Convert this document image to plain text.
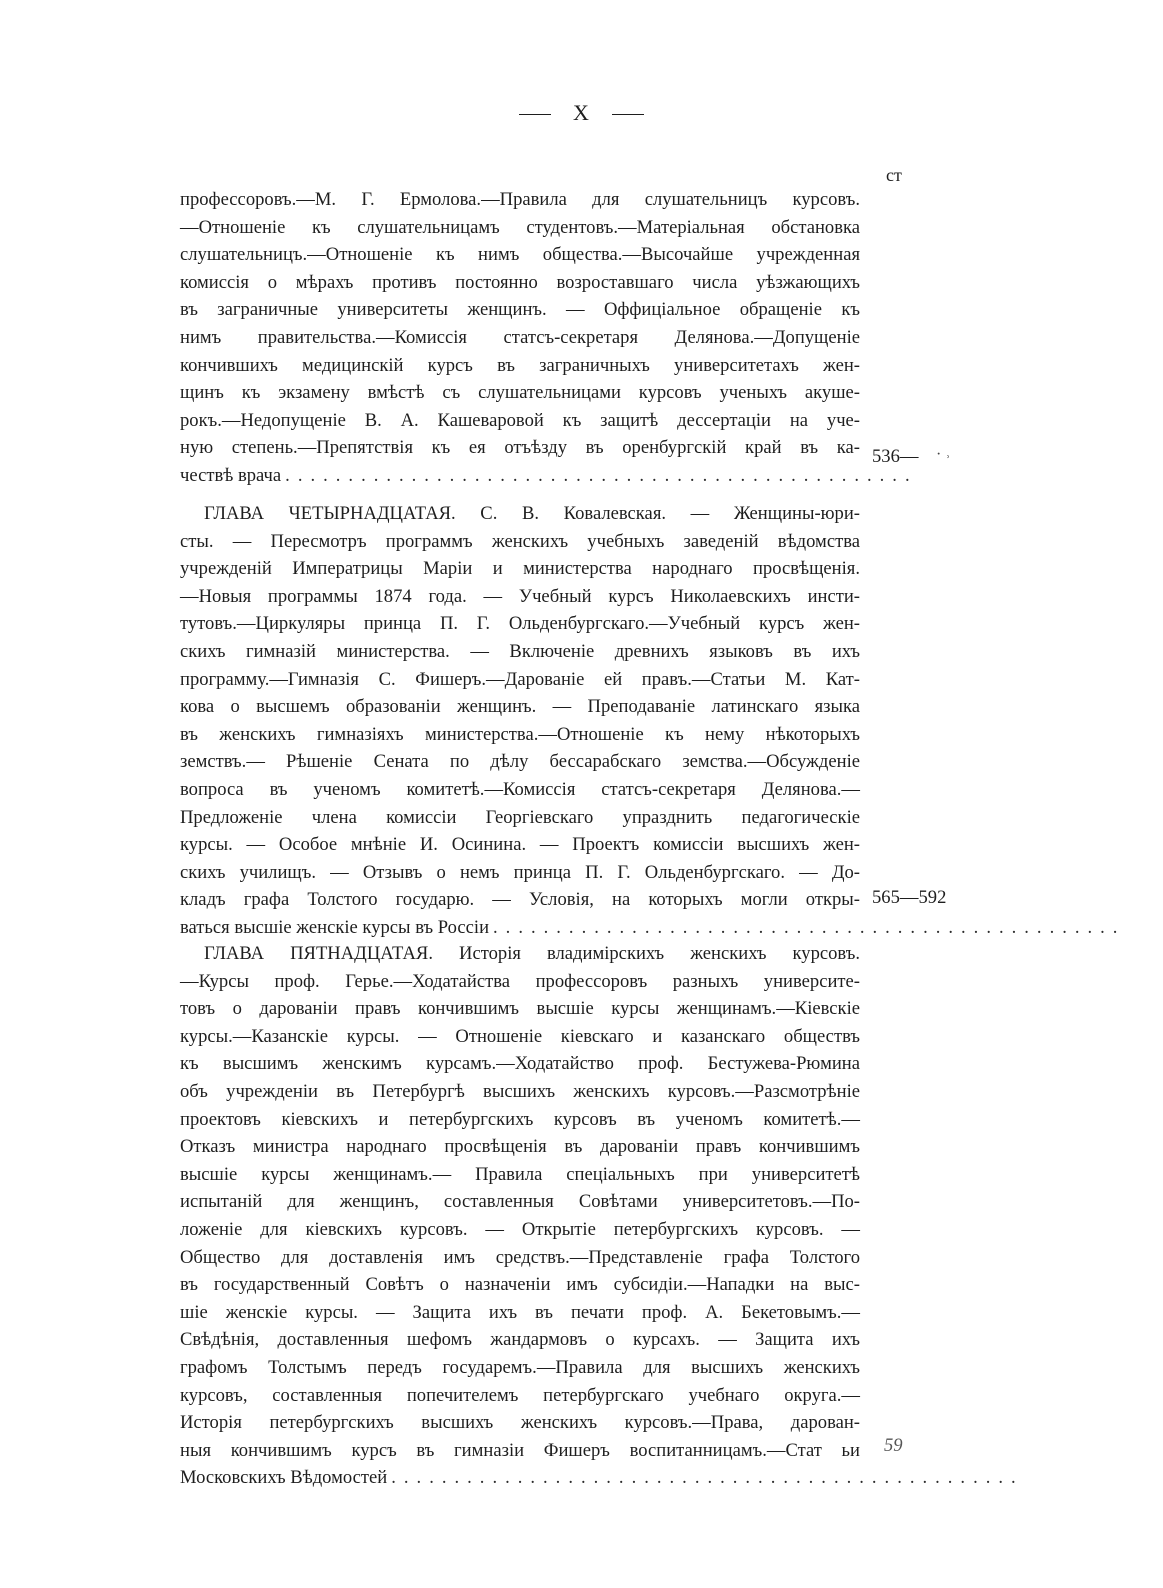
X
ст
профессоровъ.—М. Г. Ермолова.—Правила для слушательницъ курсовъ.
—Отношеніе къ слушательницамъ студентовъ.—Матеріальная обстановка
слушательницъ.—Отношеніе къ нимъ общества.—Высочайше учрежденная
комиссія о мѣрахъ противъ постоянно возроставшаго числа уѣзжающихъ
въ заграничные университеты женщинъ. — Оффиціальное обращеніе къ
нимъ правительства.—Комиссія статсъ-секретаря Делянова.—Допущеніе
кончившихъ медицинскій курсъ въ заграничныхъ университетахъ жен-
щинъ къ экзамену вмѣстѣ съ слушательницами курсовъ ученыхъ акуше-
рокъ.—Недопущеніе В. А. Кашеваровой къ защитѣ дессертаціи на уче-
ную степень.—Препятствія къ ея отъѣзду въ оренбургскій край въ ка-
чествѣ врача ..................................................
536— · ˒
ГЛАВА ЧЕТЫРНАДЦАТАЯ. С. В. Ковалевская. — Женщины-юри-
сты. — Пересмотръ программъ женскихъ учебныхъ заведеній вѣдомства
учрежденій Императрицы Маріи и министерства народнаго просвѣщенія.
—Новыя программы 1874 года. — Учебный курсъ Николаевскихъ инсти-
тутовъ.—Циркуляры принца П. Г. Ольденбургскаго.—Учебный курсъ жен-
скихъ гимназій министерства. — Включеніе древнихъ языковъ въ ихъ
программу.—Гимназія С. Фишеръ.—Дарованіе ей правъ.—Статьи М. Кат-
кова о высшемъ образованіи женщинъ. — Преподаваніе латинскаго языка
въ женскихъ гимназіяхъ министерства.—Отношеніе къ нему нѣкоторыхъ
земствъ.— Рѣшеніе Сената по дѣлу бессарабскаго земства.—Обсужденіе
вопроса въ ученомъ комитетѣ.—Комиссія статсъ-секретаря Делянова.—
Предложеніе члена комиссіи Георгіевскаго упразднить педагогическіе
курсы. — Особое мнѣніе И. Осинина. — Проектъ комиссіи высшихъ жен-
скихъ училищъ. — Отзывъ о немъ принца П. Г. Ольденбургскаго. — До-
кладъ графа Толстого государю. — Условія, на которыхъ могли откры-
ваться высшіе женскіе курсы въ Россіи ..................................................
565—592
ГЛАВА ПЯТНАДЦАТАЯ. Исторія владимірскихъ женскихъ курсовъ.
—Курсы проф. Герье.—Ходатайства профессоровъ разныхъ университе-
товъ о дарованіи правъ кончившимъ высшіе курсы женщинамъ.—Кіевскіе
курсы.—Казанскіе курсы. — Отношеніе кіевскаго и казанскаго обществъ
къ высшимъ женскимъ курсамъ.—Ходатайство проф. Бестужева-Рюмина
объ учрежденіи въ Петербургѣ высшихъ женскихъ курсовъ.—Разсмотрѣніе
проектовъ кіевскихъ и петербургскихъ курсовъ въ ученомъ комитетѣ.—
Отказъ министра народнаго просвѣщенія въ дарованіи правъ кончившимъ
высшіе курсы женщинамъ.— Правила спеціальныхъ при университетѣ
испытаній для женщинъ, составленныя Совѣтами университетовъ.—По-
ложеніе для кіевскихъ курсовъ. — Открытіе петербургскихъ курсовъ. —
Общество для доставленія имъ средствъ.—Представленіе графа Толстого
въ государственный Совѣтъ о назначеніи имъ субсидіи.—Нападки на выс-
шіе женскіе курсы. — Защита ихъ въ печати проф. А. Бекетовымъ.—
Свѣдѣнія, доставленныя шефомъ жандармовъ о курсахъ. — Защита ихъ
графомъ Толстымъ передъ государемъ.—Правила для высшихъ женскихъ
курсовъ, составленныя попечителемъ петербургскаго учебнаго округа.—
Исторія петербургскихъ высшихъ женскихъ курсовъ.—Права, дарован-
ныя кончившимъ курсъ въ гимназіи Фишеръ воспитанницамъ.—Стат ьи
Московскихъ Вѣдомостей ..................................................
59
